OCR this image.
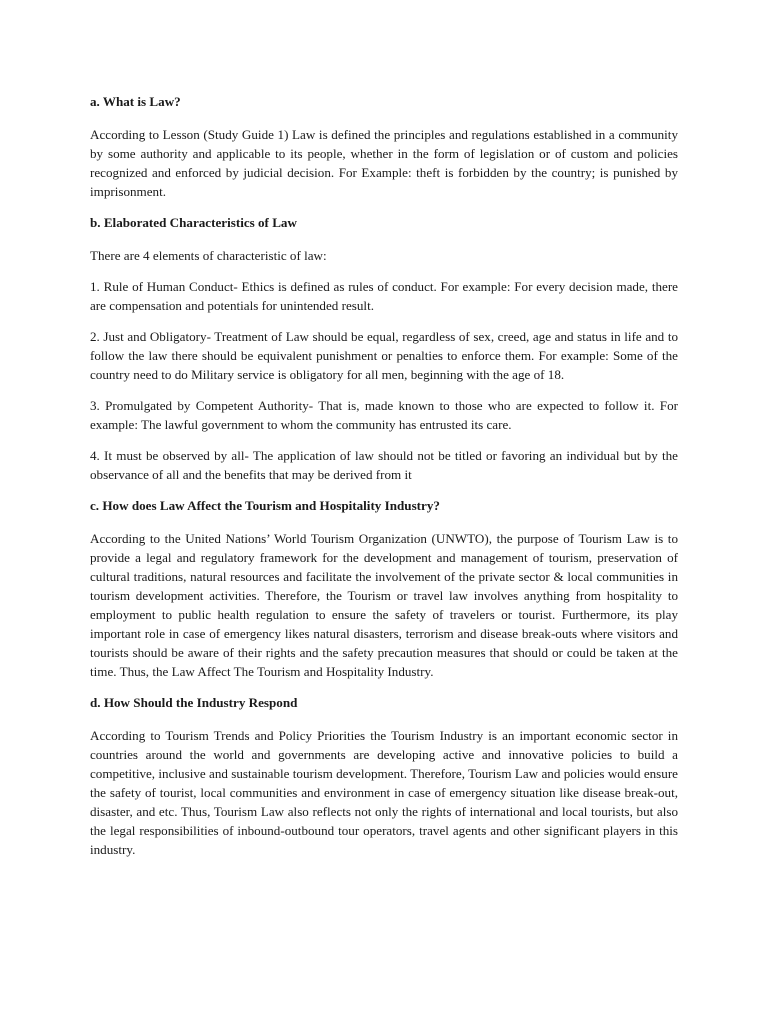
a. What is Law?

According to Lesson (Study Guide 1) Law is defined the principles and regulations established in a community by some authority and applicable to its people, whether in the form of legislation or of custom and policies recognized and enforced by judicial decision. For Example: theft is forbidden by the country; is punished by imprisonment.

b. Elaborated Characteristics of Law

There are 4 elements of characteristic of law:

1. Rule of Human Conduct- Ethics is defined as rules of conduct. For example: For every decision made, there are compensation and potentials for unintended result.

2. Just and Obligatory- Treatment of Law should be equal, regardless of sex, creed, age and status in life and to follow the law there should be equivalent punishment or penalties to enforce them. For example: Some of the country need to do Military service is obligatory for all men, beginning with the age of 18.

3. Promulgated by Competent Authority- That is, made known to those who are expected to follow it. For example: The lawful government to whom the community has entrusted its care.

4. It must be observed by all- The application of law should not be titled or favoring an individual but by the observance of all and the benefits that may be derived from it

c. How does Law Affect the Tourism and Hospitality Industry?

According to the United Nations’ World Tourism Organization (UNWTO), the purpose of Tourism Law is to provide a legal and regulatory framework for the development and management of tourism, preservation of cultural traditions, natural resources and facilitate the involvement of the private sector & local communities in tourism development activities. Therefore, the Tourism or travel law involves anything from hospitality to employment to public health regulation to ensure the safety of travelers or tourist. Furthermore, its play important role in case of emergency likes natural disasters, terrorism and disease break-outs where visitors and tourists should be aware of their rights and the safety precaution measures that should or could be taken at the time. Thus, the Law Affect The Tourism and Hospitality Industry.

d. How Should the Industry Respond

According to Tourism Trends and Policy Priorities the Tourism Industry is an important economic sector in countries around the world and governments are developing active and innovative policies to build a competitive, inclusive and sustainable tourism development. Therefore, Tourism Law and policies would ensure the safety of tourist, local communities and environment in case of emergency situation like disease break-out, disaster, and etc. Thus, Tourism Law also reflects not only the rights of international and local tourists, but also the legal responsibilities of inbound-outbound tour operators, travel agents and other significant players in this industry.
